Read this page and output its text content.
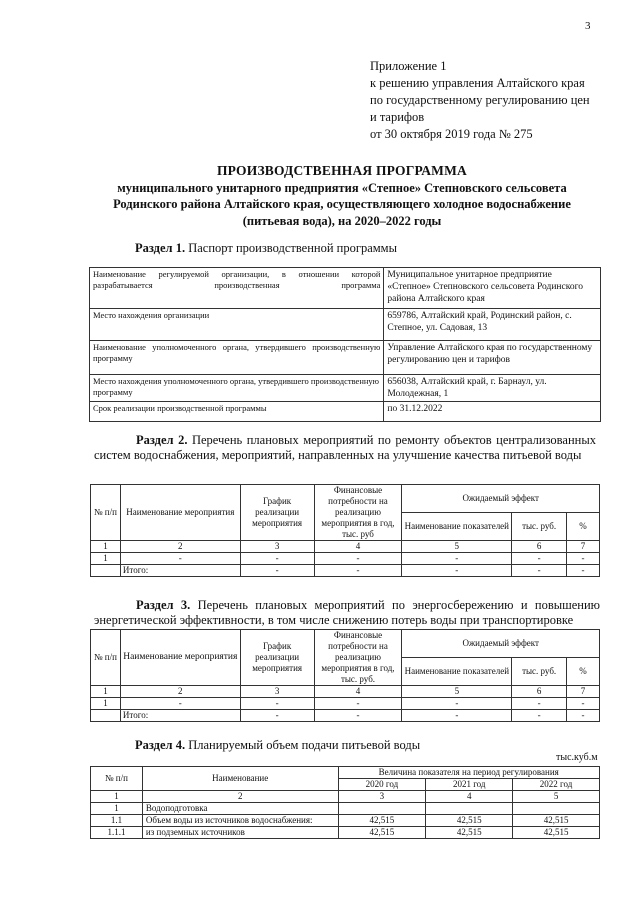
3
Приложение 1
к решению управления Алтайского края
по государственному регулированию цен
и тарифов
от 30 октября 2019 года № 275
ПРОИЗВОДСТВЕННАЯ ПРОГРАММА
муниципального унитарного предприятия «Степное» Степновского сельсовета
Родинского района Алтайского края, осуществляющего холодное водоснабжение
(питьевая вода), на 2020–2022 годы
Раздел 1. Паспорт производственной программы
Наименование регулируемой организации, в отношении которой разрабатывается производственная программа	Муниципальное унитарное предприятие «Степное» Степновского сельсовета Родинского района Алтайского края
Место нахождения организации	659786, Алтайский край, Родинский район, с. Степное, ул. Садовая, 13
Наименование уполномоченного органа, утвердившего производственную программу	Управление Алтайского края по государственному регулированию цен и тарифов
Место нахождения уполномоченного органа, утвердившего производственную программу	656038, Алтайский край, г. Барнаул, ул. Молодежная, 1
Срок реализации производственной программы	по 31.12.2022
Раздел 2. Перечень плановых мероприятий по ремонту объектов централизованных систем водоснабжения, мероприятий, направленных на улучшение качества питьевой воды
№ п/п	Наименование мероприятия	График реализации мероприятия	Финансовые потребности на реализацию мероприятия в год, тыс. руб	Ожидаемый эффект		
				Наименование показателей	тыс. руб.	%
1	2	3	4	5	6	7
1	-	-	-	-	-	-
	Итого:	-	-	-	-	-
Раздел 3. Перечень плановых мероприятий по энергосбережению и повышению энергетической эффективности, в том числе снижению потерь воды при транспортировке
№ п/п	Наименование мероприятия	График реализации мероприятия	Финансовые потребности на реализацию мероприятия в год, тыс. руб.	Ожидаемый эффект		
				Наименование показателей	тыс. руб.	%
1	2	3	4	5	6	7
1	-	-	-	-	-	-
	Итого:	-	-	-	-	-
Раздел 4. Планируемый объем подачи питьевой воды
тыс.куб.м
№ п/п	Наименование	Величина показателя на период регулирования		
		2020 год	2021 год	2022 год
1	2	3	4	5
1	Водоподготовка			
1.1	Объем воды из источников водоснабжения:	42,515	42,515	42,515
1.1.1	из подземных источников	42,515	42,515	42,515
